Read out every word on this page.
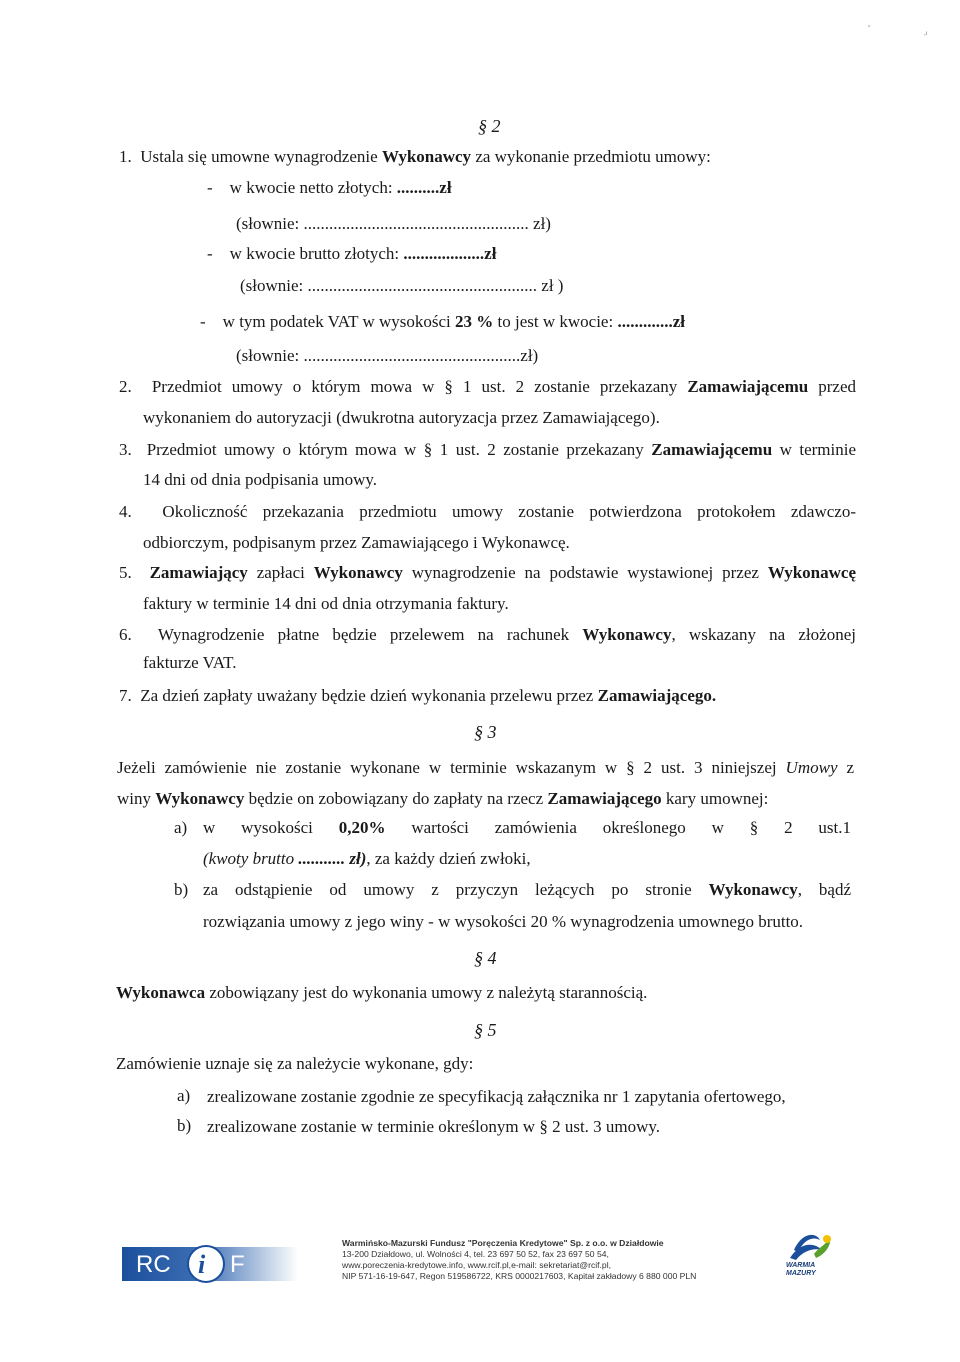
ᵘ
,ı
§ 2
1. Ustala się umowne wynagrodzenie Wykonawcy za wykonanie przedmiotu umowy:
- w kwocie netto złotych: ..........zł
(słownie: ..................................................... zł)
- w kwocie brutto złotych: ...................zł
(słownie: ...................................................... zł )
- w tym podatek VAT w wysokości 23 % to jest w kwocie: .............zł
(słownie: ...................................................zł)
2. Przedmiot umowy o którym mowa w § 1 ust. 2 zostanie przekazany Zamawiającemu przed
wykonaniem do autoryzacji (dwukrotna autoryzacja przez Zamawiającego).
3. Przedmiot umowy o którym mowa w § 1 ust. 2 zostanie przekazany Zamawiającemu w terminie
14 dni od dnia podpisania umowy.
4. Okoliczność przekazania przedmiotu umowy zostanie potwierdzona protokołem zdawczo-
odbiorczym, podpisanym przez Zamawiającego i Wykonawcę.
5. Zamawiający zapłaci Wykonawcy wynagrodzenie na podstawie wystawionej przez Wykonawcę
faktury w terminie 14 dni od dnia otrzymania faktury.
6. Wynagrodzenie płatne będzie przelewem na rachunek Wykonawcy, wskazany na złożonej
fakturze VAT.
7. Za dzień zapłaty uważany będzie dzień wykonania przelewu przez Zamawiającego.
§ 3
Jeżeli zamówienie nie zostanie wykonane w terminie wskazanym w § 2 ust. 3 niniejszej Umowy z
winy Wykonawcy będzie on zobowiązany do zapłaty na rzecz Zamawiającego kary umownej:
a) w wysokości 0,20% wartości zamówienia określonego w § 2 ust.1
(kwoty brutto ........... zł), za każdy dzień zwłoki,
b) za odstąpienie od umowy z przyczyn leżących po stronie Wykonawcy, bądź
rozwiązania umowy z jego winy - w wysokości 20 % wynagrodzenia umownego brutto.
§ 4
Wykonawca zobowiązany jest do wykonania umowy z należytą starannością.
§ 5
Zamówienie uznaje się za należycie wykonane, gdy:
a) zrealizowane zostanie zgodnie ze specyfikacją załącznika nr 1 zapytania ofertowego,
b) zrealizowane zostanie w terminie określonym w § 2 ust. 3 umowy.
RC i F
Warmińsko-Mazurski Fundusz "Poręczenia Kredytowe" Sp. z o.o. w Działdowie
13-200 Działdowo, ul. Wolności 4, tel. 23 697 50 52, fax 23 697 50 54,
www.poreczenia-kredytowe.info, www.rcif.pl,e-mail: sekretariat@rcif.pl,
NIP 571-16-19-647, Regon 519586722, KRS 0000217603, Kapitał zakładowy 6 880 000 PLN
WARMIA
MAZURY
